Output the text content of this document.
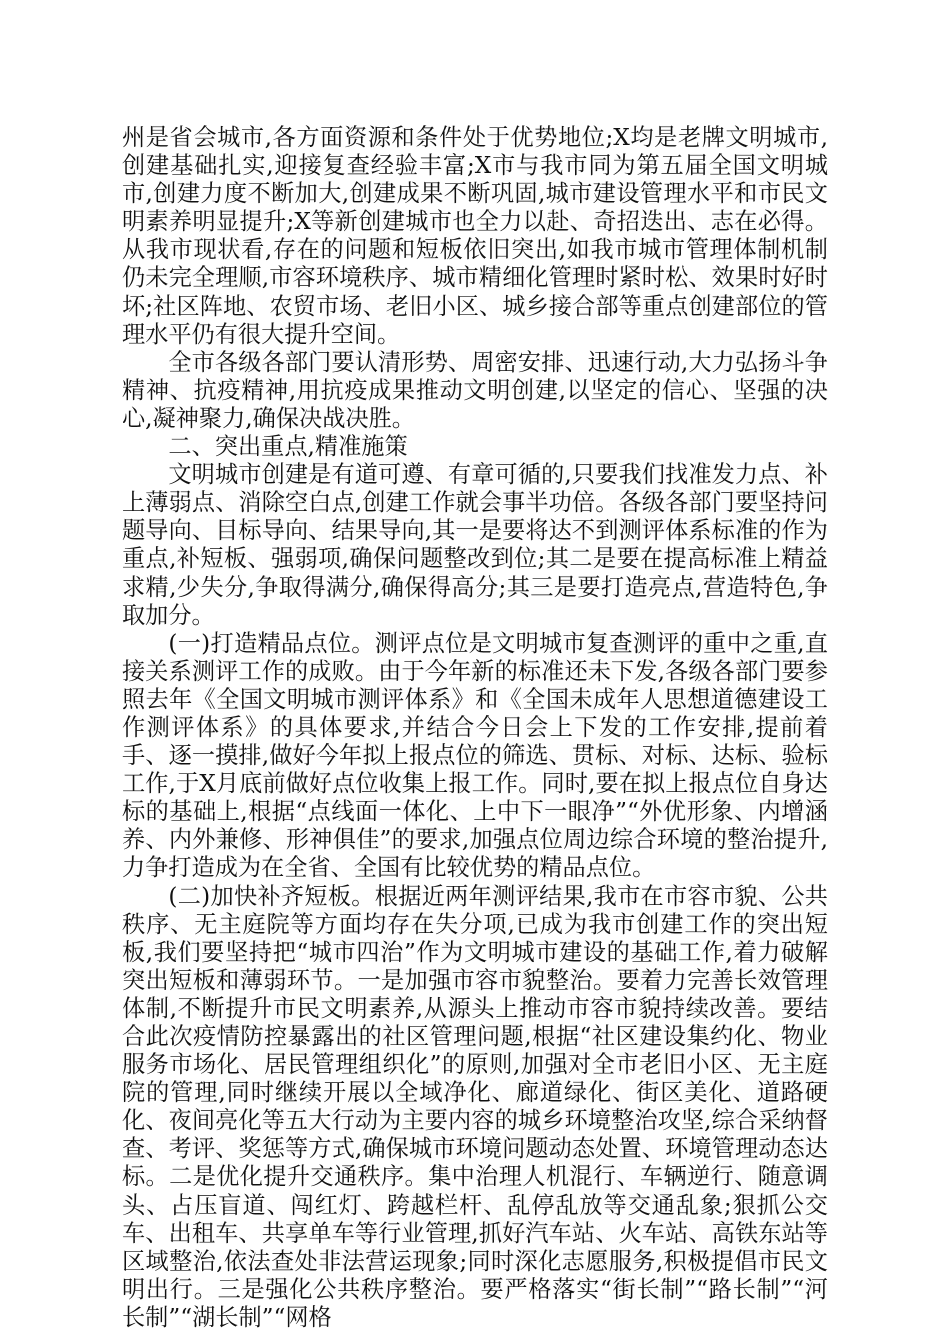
州是省会城市,各方面资源和条件处于优势地位;X均是老牌文明城市,创建基础扎实,迎接复查经验丰富;X市与我市同为第五届全国文明城市,创建力度不断加大,创建成果不断巩固,城市建设管理水平和市民文明素养明显提升;X等新创建城市也全力以赴、奇招迭出、志在必得。从我市现状看,存在的问题和短板依旧突出,如我市城市管理体制机制仍未完全理顺,市容环境秩序、城市精细化管理时紧时松、效果时好时坏;社区阵地、农贸市场、老旧小区、城乡接合部等重点创建部位的管理水平仍有很大提升空间。

全市各级各部门要认清形势、周密安排、迅速行动,大力弘扬斗争精神、抗疫精神,用抗疫成果推动文明创建,以坚定的信心、坚强的决心,凝神聚力,确保决战决胜。

二、突出重点,精准施策

文明城市创建是有道可遵、有章可循的,只要我们找准发力点、补上薄弱点、消除空白点,创建工作就会事半功倍。各级各部门要坚持问题导向、目标导向、结果导向,其一是要将达不到测评体系标准的作为重点,补短板、强弱项,确保问题整改到位;其二是要在提高标准上精益求精,少失分,争取得满分,确保得高分;其三是要打造亮点,营造特色,争取加分。

(一)打造精品点位。测评点位是文明城市复查测评的重中之重,直接关系测评工作的成败。由于今年新的标准还未下发,各级各部门要参照去年《全国文明城市测评体系》和《全国未成年人思想道德建设工作测评体系》的具体要求,并结合今日会上下发的工作安排,提前着手、逐一摸排,做好今年拟上报点位的筛选、贯标、对标、达标、验标工作,于X月底前做好点位收集上报工作。同时,要在拟上报点位自身达标的基础上,根据“点线面一体化、上中下一眼净”“外优形象、内增涵养、内外兼修、形神俱佳”的要求,加强点位周边综合环境的整治提升,力争打造成为在全省、全国有比较优势的精品点位。

(二)加快补齐短板。根据近两年测评结果,我市在市容市貌、公共秩序、无主庭院等方面均存在失分项,已成为我市创建工作的突出短板,我们要坚持把“城市四治”作为文明城市建设的基础工作,着力破解突出短板和薄弱环节。一是加强市容市貌整治。要着力完善长效管理体制,不断提升市民文明素养,从源头上推动市容市貌持续改善。要结合此次疫情防控暴露出的社区管理问题,根据“社区建设集约化、物业服务市场化、居民管理组织化”的原则,加强对全市老旧小区、无主庭院的管理,同时继续开展以全域净化、廊道绿化、街区美化、道路硬化、夜间亮化等五大行动为主要内容的城乡环境整治攻坚,综合采纳督查、考评、奖惩等方式,确保城市环境问题动态处置、环境管理动态达标。二是优化提升交通秩序。集中治理人机混行、车辆逆行、随意调头、占压盲道、闯红灯、跨越栏杆、乱停乱放等交通乱象;狠抓公交车、出租车、共享单车等行业管理,抓好汽车站、火车站、高铁东站等区域整治,依法查处非法营运现象;同时深化志愿服务,积极提倡市民文明出行。三是强化公共秩序整治。要严格落实“街长制”“路长制”“河长制”“湖长制”“网格
